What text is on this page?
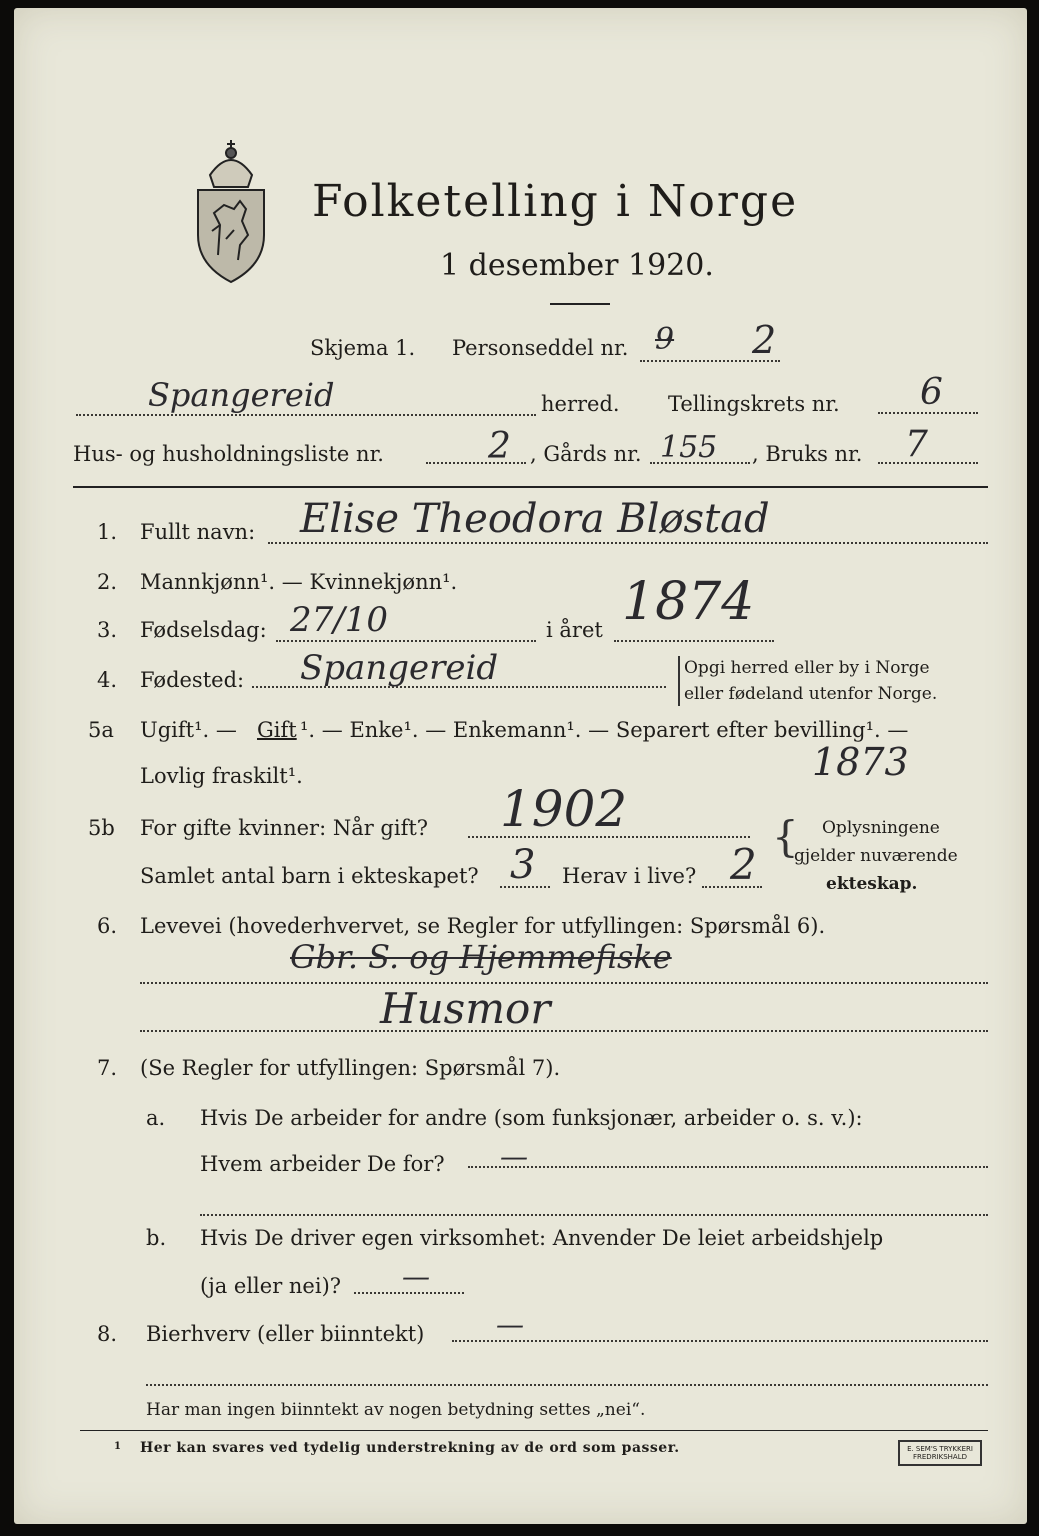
Folketelling i Norge
1 desember 1920.
Skjema 1. Personseddel nr. 9 2
Spangereid	herred. Tellingskrets nr. 6
Hus- og husholdningsliste nr.	2 , Gårds nr. 155 , Bruks nr. 7
1. Fullt navn: Elise Theodora Bløstad
2. Mannkjønn¹. — Kvinnekjønn¹.
3. Fødselsdag: 27/10	i året 1874
4. Fødested: Spangereid	Opgi herred eller by i Norge
eller fødeland utenfor Norge.
5a Ugift¹. — Gift ¹. — Enke¹. — Enkemann¹. — Separert efter bevilling¹. —
Lovlig fraskilt¹.	1873
5b For gifte kvinner: Når gift? 1902
Samlet antal barn i ekteskapet? 3 Herav i live? 2
{ Oplysningene
gjelder nuværende
ekteskap.
6. Levevei (hovederhvervet, se Regler for utfyllingen: Spørsmål 6).
Gbr. S. og Hjemmefiske
Husmor
7. (Se Regler for utfyllingen: Spørsmål 7).
a. Hvis De arbeider for andre (som funksjonær, arbeider o. s. v.):
Hvem arbeider De for? —
b. Hvis De driver egen virksomhet: Anvender De leiet arbeidshjelp
(ja eller nei)? —
8. Bierhverv (eller biinntekt)	—
Har man ingen biinntekt av nogen betydning settes „nei“.
1 Her kan svares ved tydelig understrekning av de ord som passer.	E. SEM'S TRYKKERI FREDRIKSHALD
